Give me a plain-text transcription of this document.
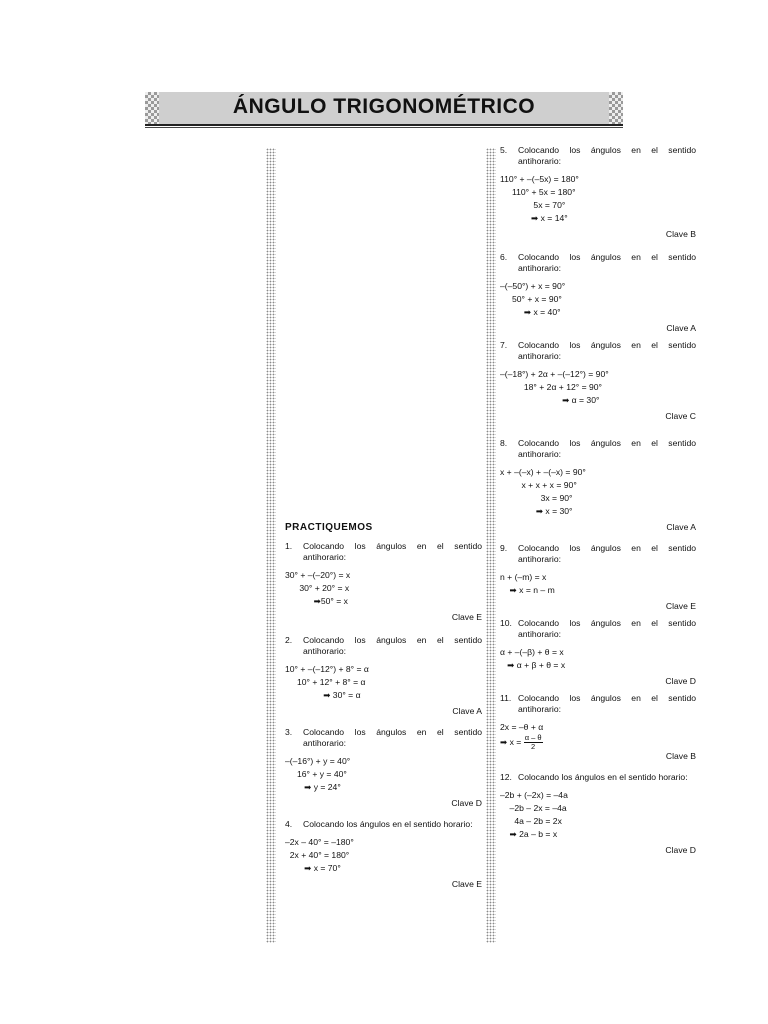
ÁNGULO TRIGONOMÉTRICO
PRACTIQUEMOS
1. Colocando los ángulos en el sentido antihorario:
30° + –(–20°) = x
30° + 20° = x
➡50° = x
Clave E
2. Colocando los ángulos en el sentido antihorario:
10° + –(–12°) + 8° = α
10° + 12° + 8° = α
➡ 30° = α
Clave A
3. Colocando los ángulos en el sentido antihorario:
–(–16°) + y = 40°
16° + y = 40°
➡ y = 24°
Clave D
4. Colocando los ángulos en el sentido horario:
–2x – 40° = –180°
2x + 40° = 180°
➡ x = 70°
Clave E
5. Colocando los ángulos en el sentido antihorario:
110° + –(–5x) = 180°
110° + 5x = 180°
5x = 70°
➡ x = 14°
Clave B
6. Colocando los ángulos en el sentido antihorario:
–(–50°) + x = 90°
50° + x = 90°
➡ x = 40°
Clave A
7. Colocando los ángulos en el sentido antihorario:
–(–18°) + 2α + –(–12°) = 90°
18° + 2α + 12° = 90°
➡ α = 30°
Clave C
8. Colocando los ángulos en el sentido antihorario:
x + –(–x) + –(–x) = 90°
x + x + x = 90°
3x = 90°
➡ x = 30°
Clave A
9. Colocando los ángulos en el sentido antihorario:
n + (–m) = x
➡ x = n – m
Clave E
10. Colocando los ángulos en el sentido antihorario:
α + –(–β) + θ = x
➡ α + β + θ = x
Clave D
11. Colocando los ángulos en el sentido antihorario:
2x = –θ + α
➡ $x = \frac{\alpha - \theta}{2}$
Clave B
12. Colocando los ángulos en el sentido horario:
–2b + (–2x) = –4a
–2b – 2x = –4a
4a – 2b = 2x
➡ 2a – b = x
Clave D
